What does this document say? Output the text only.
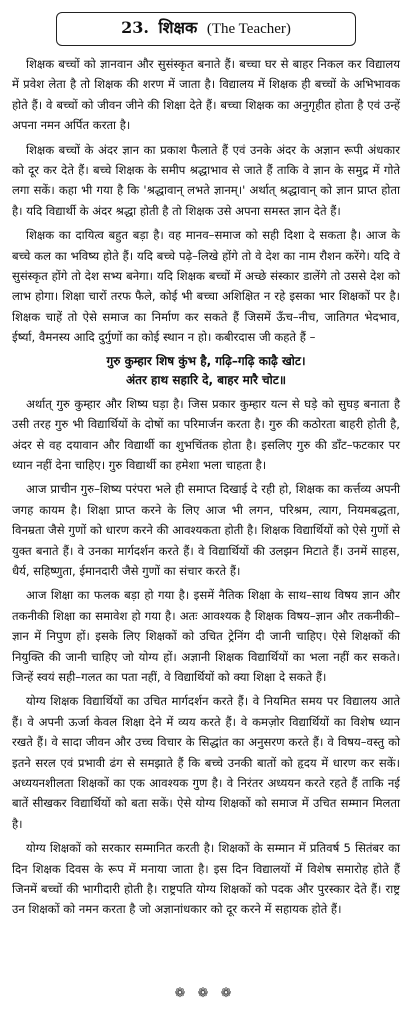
23. शिक्षक (The Teacher)

शिक्षक बच्चों को ज्ञानवान और सुसंस्कृत बनाते हैं। बच्चा घर से बाहर निकल कर विद्यालय में प्रवेश लेता है तो शिक्षक की शरण में जाता है। विद्यालय में शिक्षक ही बच्चों के अभिभावक होते हैं। वे बच्चों को जीवन जीने की शिक्षा देते हैं। बच्चा शिक्षक का अनुगृहीत होता है एवं उन्हें अपना नमन अर्पित करता है।

शिक्षक बच्चों के अंदर ज्ञान का प्रकाश फैलाते हैं एवं उनके अंदर के अज्ञान रूपी अंधकार को दूर कर देते हैं। बच्चे शिक्षक के समीप श्रद्धाभाव से जाते हैं ताकि वे ज्ञान के समुद्र में गोते लगा सकें। कहा भी गया है कि 'श्रद्धावान् लभते ज्ञानम्।' अर्थात् श्रद्धावान् को ज्ञान प्राप्त होता है। यदि विद्यार्थी के अंदर श्रद्धा होती है तो शिक्षक उसे अपना समस्त ज्ञान देते हैं।

शिक्षक का दायित्व बहुत बड़ा है। वह मानव–समाज को सही दिशा दे सकता है। आज के बच्चे कल का भविष्य होते हैं। यदि बच्चे पढ़े–लिखे होंगे तो वे देश का नाम रौशन करेंगे। यदि वे सुसंस्कृत होंगे तो देश सभ्य बनेगा। यदि शिक्षक बच्चों में अच्छे संस्कार डालेंगे तो उससे देश को लाभ होगा। शिक्षा चारों तरफ फैले, कोई भी बच्चा अशिक्षित न रहे इसका भार शिक्षकों पर है। शिक्षक चाहें तो ऐसे समाज का निर्माण कर सकते हैं जिसमें ऊँच–नीच, जातिगत भेदभाव, ईर्ष्या, वैमनस्य आदि दुर्गुणों का कोई स्थान न हो। कबीरदास जी कहते हैं –

गुरु कुम्हार शिष कुंभ है, गढ़ि–गढ़ि काढ़ै खोट।
अंतर हाथ सहारि दे, बाहर मारै चोट॥

अर्थात् गुरु कुम्हार और शिष्य घड़ा है। जिस प्रकार कुम्हार यत्न से घड़े को सुघड़ बनाता है उसी तरह गुरु भी विद्यार्थियों के दोषों का परिमार्जन करता है। गुरु की कठोरता बाहरी होती है, अंदर से वह दयावान और विद्यार्थी का शुभचिंतक होता है। इसलिए गुरु की डाँट–फटकार पर ध्यान नहीं देना चाहिए। गुरु विद्यार्थी का हमेशा भला चाहता है।

आज प्राचीन गुरु–शिष्य परंपरा भले ही समाप्त दिखाई दे रही हो, शिक्षक का कर्त्तव्य अपनी जगह कायम है। शिक्षा प्राप्त करने के लिए आज भी लगन, परिश्रम, त्याग, नियमबद्धता, विनम्रता जैसे गुणों को धारण करने की आवश्यकता होती है। शिक्षक विद्यार्थियों को ऐसे गुणों से युक्त बनाते हैं। वे उनका मार्गदर्शन करते हैं। वे विद्यार्थियों की उलझन मिटाते हैं। उनमें साहस, धैर्य, सहिष्णुता, ईमानदारी जैसे गुणों का संचार करते हैं।

आज शिक्षा का फलक बड़ा हो गया है। इसमें नैतिक शिक्षा के साथ–साथ विषय ज्ञान और तकनीकी शिक्षा का समावेश हो गया है। अतः आवश्यक है शिक्षक विषय–ज्ञान और तकनीकी–ज्ञान में निपुण हों। इसके लिए शिक्षकों को उचित ट्रेनिंग दी जानी चाहिए। ऐसे शिक्षकों की नियुक्ति की जानी चाहिए जो योग्य हों। अज्ञानी शिक्षक विद्यार्थियों का भला नहीं कर सकते। जिन्हें स्वयं सही–गलत का पता नहीं, वे विद्यार्थियों को क्या शिक्षा दे सकते हैं।

योग्य शिक्षक विद्यार्थियों का उचित मार्गदर्शन करते हैं। वे नियमित समय पर विद्यालय आते हैं। वे अपनी ऊर्जा केवल शिक्षा देने में व्यय करते हैं। वे कमज़ोर विद्यार्थियों का विशेष ध्यान रखते हैं। वे सादा जीवन और उच्च विचार के सिद्धांत का अनुसरण करते हैं। वे विषय–वस्तु को इतने सरल एवं प्रभावी ढंग से समझाते हैं कि बच्चे उनकी बातों को हृदय में धारण कर सकें। अध्ययनशीलता शिक्षकों का एक आवश्यक गुण है। वे निरंतर अध्ययन करते रहते हैं ताकि नई बातें सीखकर विद्यार्थियों को बता सकें। ऐसे योग्य शिक्षकों को समाज में उचित सम्मान मिलता है।

योग्य शिक्षकों को सरकार सम्मानित करती है। शिक्षकों के सम्मान में प्रतिवर्ष 5 सितंबर का दिन शिक्षक दिवस के रूप में मनाया जाता है। इस दिन विद्यालयों में विशेष समारोह होते हैं जिनमें बच्चों की भागीदारी होती है। राष्ट्रपति योग्य शिक्षकों को पदक और पुरस्कार देते हैं। राष्ट्र उन शिक्षकों को नमन करता है जो अज्ञानांधकार को दूर करने में सहायक होते हैं।

❁ ❁ ❁
